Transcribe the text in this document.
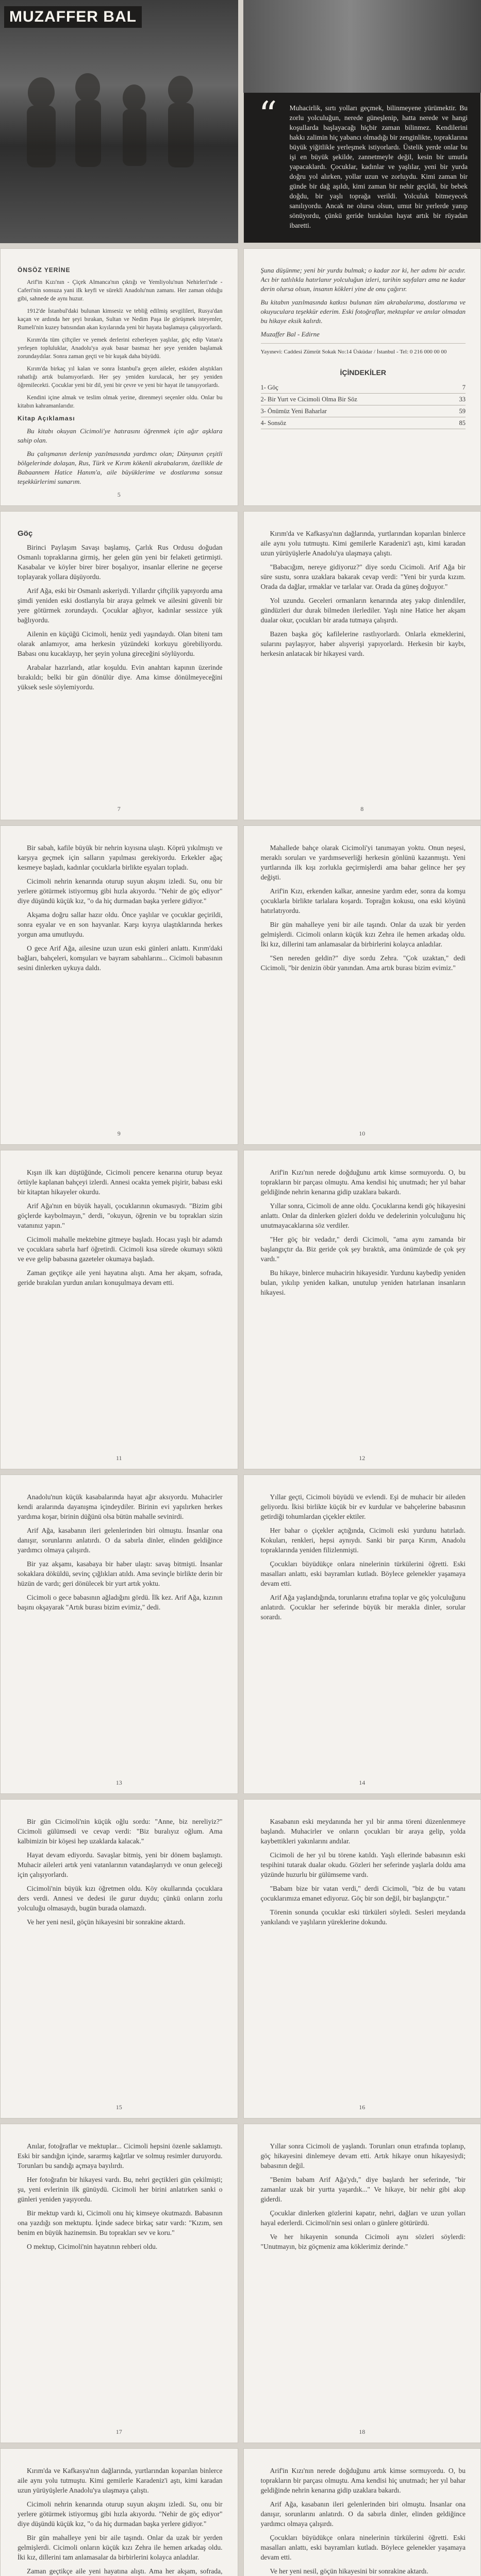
MUZAFFER BAL
“ Muhacirlik, sırtı yolları geçmek, bilinmeyene yürümektir. Bu zorlu yolculuğun, nerede güneşlenip, hatta nerede ve hangi koşullarda başlayacağı hiçbir zaman bilinmez. Kendilerini hakkı zalimin hiç yabancı olmadığı bir zenginlikte, topraklarına büyük yiğitlikle yerleşmek istiyorlardı. Üstelik yerde onlar bu işi en büyük şekilde, zannetmeyle değil, kesin bir umutla yapacaklardı. Çocuklar, kadınlar ve yaşlılar, yeni bir yurda doğru yol alırken, yollar uzun ve zorluydu. Kimi zaman bir günde bir dağ aşıldı, kimi zaman bir nehir geçildi, bir bebek doğdu, bir yaşlı toprağa verildi. Yolculuk bitmeyecek sanılıyordu. Ancak ne olursa olsun, umut bir yerlerde yanıp sönüyordu, çünkü geride bırakılan hayat artık bir rüyadan ibaretti.
ÖNSÖZ YERİNE

Arif'in Kızı'nın - Çiçek Almanca'nın çıktığı ve Yemliyolu'nun Nehirleri'nde - Caferi'nin sonsuza yani ilk keyfi ve sürekli Anadolu'nun zamanı. Her zaman olduğu gibi, sahnede de aynı huzur.

1912'de İstanbul'daki bulunan kimsesiz ve tebliğ edilmiş sevgilileri, Rusya'dan kaçan ve ardında her şeyi bırakan, Sultan ve Nedim Paşa ile görüşmek isteyenler, Rumeli'nin kuzey batısından akan kıyılarında yeni bir hayata başlamaya çalışıyorlardı.

Kırım'da tüm çiftçiler ve yemek derlerini ezberleyen yaşlılar, göç edip Vatan'a yerleşen topluluklar, Anadolu'ya ayak basar basmaz her şeye yeniden başlamak zorundaydılar. Sonra zaman geçti ve bir kuşak daha büyüdü.

Kırım'da birkaç yıl kalan ve sonra İstanbul'a geçen aileler, eskiden alıştıkları rahatlığı artık bulamıyorlardı. Her şey yeniden kurulacak, her şey yeniden öğrenilecekti. Çocuklar yeni bir dil, yeni bir çevre ve yeni bir hayat ile tanışıyorlardı.

Kendini içine almak ve teslim olmak yerine, direnmeyi seçenler oldu. Onlar bu kitabın kahramanlarıdır.

Kitap Açıklaması

Bu kitabı okuyan Cicimoli'ye hatırasını öğrenmek için ağır aşklara sahip olan.

Bu çalışmanın derlenip yazılmasında yardımcı olan; Dünyanın çeşitli bölgelerinde dolaşan, Rus, Türk ve Kırım kökenli akrabalarım, özellikle de Babaannem Hatice Hanım'a, aile büyüklerime ve dostlarıma sonsuz teşekkürlerimi sunarım.

5

Şuna düşünme; yeni bir yurdu bulmak; o kadar zor ki, her adımı bir acıdır. Acı bir tatlılıkla hatırlanır yolculuğun izleri, tarihin sayfaları ama ne kadar derin olursa olsun, insanın kökleri yine de onu çağırır.

Bu kitabın yazılmasında katkısı bulunan tüm akrabalarıma, dostlarıma ve okuyuculara teşekkür ederim. Eski fotoğraflar, mektuplar ve anılar olmadan bu hikaye eksik kalırdı.

Muzaffer Bal - Edirne

Yayınevi: Caddesi Zümrüt Sokak No:14 Üsküdar / İstanbul - Tel: 0 216 000 00 00

İÇİNDEKİLER
1- Göç	7
2- Bir Yurt ve Cicimoli Olma Bir Söz	33
3- Önümüz Yeni Baharlar	59
4- Sonsöz	85

Göç

Birinci Paylaşım Savaşı başlamış, Çarlık Rus Ordusu doğudan Osmanlı topraklarına girmiş, her gelen gün yeni bir felaketi getirmişti. Kasabalar ve köyler birer birer boşalıyor, insanlar ellerine ne geçerse toplayarak yollara düşüyordu.

Arif Ağa, eski bir Osmanlı askeriydi. Yıllardır çiftçilik yapıyordu ama şimdi yeniden eski dostlarıyla bir araya gelmek ve ailesini güvenli bir yere götürmek zorundaydı. Çocuklar ağlıyor, kadınlar sessizce yük bağlıyordu.

Ailenin en küçüğü Cicimoli, henüz yedi yaşındaydı. Olan biteni tam olarak anlamıyor, ama herkesin yüzündeki korkuyu görebiliyordu. Babası onu kucaklayıp, her şeyin yoluna gireceğini söylüyordu.

Arabalar hazırlandı, atlar koşuldu. Evin anahtarı kapının üzerinde bırakıldı; belki bir gün dönülür diye. Ama kimse dönülmeyeceğini yüksek sesle söylemiyordu.

7

Kırım'da ve Kafkasya'nın dağlarında, yurtlarından koparılan binlerce aile aynı yolu tutmuştu. Kimi gemilerle Karadeniz'i aştı, kimi karadan uzun yürüyüşlerle Anadolu'ya ulaşmaya çalıştı.

"Babacığım, nereye gidiyoruz?" diye sordu Cicimoli. Arif Ağa bir süre sustu, sonra uzaklara bakarak cevap verdi: "Yeni bir yurda kızım. Orada da dağlar, ırmaklar ve tarlalar var. Orada da güneş doğuyor."

Yol uzundu. Geceleri ormanların kenarında ateş yakıp dinlendiler, gündüzleri dur durak bilmeden ilerlediler. Yaşlı nine Hatice her akşam dualar okur, çocukları bir arada tutmaya çalışırdı.

Bazen başka göç kafilelerine rastlıyorlardı. Onlarla ekmeklerini, sularını paylaşıyor, haber alışverişi yapıyorlardı. Herkesin bir kaybı, herkesin anlatacak bir hikayesi vardı.

8

Bir sabah, kafile büyük bir nehrin kıyısına ulaştı. Köprü yıkılmıştı ve karşıya geçmek için salların yapılması gerekiyordu. Erkekler ağaç kesmeye başladı, kadınlar çocuklarla birlikte eşyaları topladı.

Cicimoli nehrin kenarında oturup suyun akışını izledi. Su, onu bir yerlere götürmek istiyormuş gibi hızla akıyordu. "Nehir de göç ediyor" diye düşündü küçük kız, "o da hiç durmadan başka yerlere gidiyor."

Akşama doğru sallar hazır oldu. Önce yaşlılar ve çocuklar geçirildi, sonra eşyalar ve en son hayvanlar. Karşı kıyıya ulaştıklarında herkes yorgun ama umutluydu.

O gece Arif Ağa, ailesine uzun uzun eski günleri anlattı. Kırım'daki bağları, bahçeleri, komşuları ve bayram sabahlarını... Cicimoli babasının sesini dinlerken uykuya daldı.

9

Mahallede bahçe olarak Cicimoli'yi tanımayan yoktu. Onun neşesi, meraklı soruları ve yardımseverliği herkesin gönlünü kazanmıştı. Yeni yurtlarında ilk kışı zorlukla geçirmişlerdi ama bahar gelince her şey değişti.

Arif'in Kızı, erkenden kalkar, annesine yardım eder, sonra da komşu çocuklarla birlikte tarlalara koşardı. Toprağın kokusu, ona eski köyünü hatırlatıyordu.

Bir gün mahalleye yeni bir aile taşındı. Onlar da uzak bir yerden gelmişlerdi. Cicimoli onların küçük kızı Zehra ile hemen arkadaş oldu. İki kız, dillerini tam anlamasalar da birbirlerini kolayca anladılar.

"Sen nereden geldin?" diye sordu Zehra. "Çok uzaktan," dedi Cicimoli, "bir denizin öbür yanından. Ama artık burası bizim evimiz."

10

Kışın ilk karı düştüğünde, Cicimoli pencere kenarına oturup beyaz örtüyle kaplanan bahçeyi izlerdi. Annesi ocakta yemek pişirir, babası eski bir kitaptan hikayeler okurdu.

Arif Ağa'nın en büyük hayali, çocuklarının okumasıydı. "Bizim gibi göçlerde kaybolmayın," derdi, "okuyun, öğrenin ve bu toprakları sizin vatanınız yapın."

Cicimoli mahalle mektebine gitmeye başladı. Hocası yaşlı bir adamdı ve çocuklara sabırla harf öğretirdi. Cicimoli kısa sürede okumayı söktü ve eve gelip babasına gazeteler okumaya başladı.

Zaman geçtikçe aile yeni hayatına alıştı. Ama her akşam, sofrada, geride bırakılan yurdun anıları konuşulmaya devam etti.

11

Arif'in Kızı'nın nerede doğduğunu artık kimse sormuyordu. O, bu toprakların bir parçası olmuştu. Ama kendisi hiç unutmadı; her yıl bahar geldiğinde nehrin kenarına gidip uzaklara bakardı.

Yıllar sonra, Cicimoli de anne oldu. Çocuklarına kendi göç hikayesini anlattı. Onlar da dinlerken gözleri doldu ve dedelerinin yolculuğunu hiç unutmayacaklarına söz verdiler.

"Her göç bir vedadır," derdi Cicimoli, "ama aynı zamanda bir başlangıçtır da. Biz geride çok şey bıraktık, ama önümüzde de çok şey vardı."

Bu hikaye, binlerce muhacirin hikayesidir. Yurdunu kaybedip yeniden bulan, yıkılıp yeniden kalkan, unutulup yeniden hatırlanan insanların hikayesi.

12

Anadolu'nun küçük kasabalarında hayat ağır aksıyordu. Muhacirler kendi aralarında dayanışma içindeydiler. Birinin evi yapılırken herkes yardıma koşar, birinin düğünü olsa bütün mahalle sevinirdi.

Arif Ağa, kasabanın ileri gelenlerinden biri olmuştu. İnsanlar ona danışır, sorunlarını anlatırdı. O da sabırla dinler, elinden geldiğince yardımcı olmaya çalışırdı.

Bir yaz akşamı, kasabaya bir haber ulaştı: savaş bitmişti. İnsanlar sokaklara döküldü, sevinç çığlıkları atıldı. Ama sevinçle birlikte derin bir hüzün de vardı; geri dönülecek bir yurt artık yoktu.

Cicimoli o gece babasının ağladığını gördü. İlk kez. Arif Ağa, kızının başını okşayarak "Artık burası bizim evimiz," dedi.

13

Yıllar geçti, Cicimoli büyüdü ve evlendi. Eşi de muhacir bir aileden geliyordu. İkisi birlikte küçük bir ev kurdular ve bahçelerine babasının getirdiği tohumlardan çiçekler ektiler.

Her bahar o çiçekler açtığında, Cicimoli eski yurdunu hatırladı. Kokuları, renkleri, hepsi aynıydı. Sanki bir parça Kırım, Anadolu topraklarında yeniden filizlenmişti.

Çocukları büyüdükçe onlara ninelerinin türkülerini öğretti. Eski masalları anlattı, eski bayramları kutladı. Böylece gelenekler yaşamaya devam etti.

Arif Ağa yaşlandığında, torunlarını etrafına toplar ve göç yolculuğunu anlatırdı. Çocuklar her seferinde büyük bir merakla dinler, sorular sorardı.

14

Bir gün Cicimoli'nin küçük oğlu sordu: "Anne, biz nereliyiz?" Cicimoli gülümsedi ve cevap verdi: "Biz buralıyız oğlum. Ama kalbimizin bir köşesi hep uzaklarda kalacak."

Hayat devam ediyordu. Savaşlar bitmiş, yeni bir dönem başlamıştı. Muhacir aileleri artık yeni vatanlarının vatandaşlarıydı ve onun geleceği için çalışıyorlardı.

Cicimoli'nin büyük kızı öğretmen oldu. Köy okullarında çocuklara ders verdi. Annesi ve dedesi ile gurur duydu; çünkü onların zorlu yolculuğu olmasaydı, bugün burada olamazdı.

Ve her yeni nesil, göçün hikayesini bir sonrakine aktardı.

15

Kasabanın eski meydanında her yıl bir anma töreni düzenlenmeye başlandı. Muhacirler ve onların çocukları bir araya gelip, yolda kaybettikleri yakınlarını andılar.

Cicimoli de her yıl bu törene katıldı. Yaşlı ellerinde babasının eski tespihini tutarak dualar okudu. Gözleri her seferinde yaşlarla doldu ama yüzünde huzurlu bir gülümseme vardı.

"Babam bize bir vatan verdi," derdi Cicimoli, "biz de bu vatanı çocuklarımıza emanet ediyoruz. Göç bir son değil, bir başlangıçtır."

Törenin sonunda çocuklar eski türküleri söyledi. Sesleri meydanda yankılandı ve yaşlıların yüreklerine dokundu.

16

Anılar, fotoğraflar ve mektuplar... Cicimoli hepsini özenle saklamıştı. Eski bir sandığın içinde, sararmış kağıtlar ve solmuş resimler duruyordu. Torunları bu sandığı açmaya bayılırdı.

Her fotoğrafın bir hikayesi vardı. Bu, nehri geçtikleri gün çekilmişti; şu, yeni evlerinin ilk günüydü. Cicimoli her birini anlatırken sanki o günleri yeniden yaşıyordu.

Bir mektup vardı ki, Cicimoli onu hiç kimseye okutmazdı. Babasının ona yazdığı son mektuptu. İçinde sadece birkaç satır vardı: "Kızım, sen benim en büyük hazinemsin. Bu toprakları sev ve koru."

O mektup, Cicimoli'nin hayatının rehberi oldu.

17

Yıllar sonra Cicimoli de yaşlandı. Torunları onun etrafında toplanıp, göç hikayesini dinlemeye devam etti. Artık hikaye onun hikayesiydi; babasının değil.

"Benim babam Arif Ağa'ydı," diye başlardı her seferinde, "bir zamanlar uzak bir yurtta yaşardık..." Ve hikaye, bir nehir gibi akıp giderdi.

Çocuklar dinlerken gözlerini kapatır, nehri, dağları ve uzun yolları hayal ederlerdi. Cicimoli'nin sesi onları o günlere götürürdü.

Ve her hikayenin sonunda Cicimoli aynı sözleri söylerdi: "Unutmayın, biz göçmeniz ama köklerimiz derinde."

18

Kırım'da ve Kafkasya'nın dağlarında, yurtlarından koparılan binlerce aile aynı yolu tutmuştu. Kimi gemilerle Karadeniz'i aştı, kimi karadan uzun yürüyüşlerle Anadolu'ya ulaşmaya çalıştı.

Cicimoli nehrin kenarında oturup suyun akışını izledi. Su, onu bir yerlere götürmek istiyormuş gibi hızla akıyordu. "Nehir de göç ediyor" diye düşündü küçük kız, "o da hiç durmadan başka yerlere gidiyor."

Bir gün mahalleye yeni bir aile taşındı. Onlar da uzak bir yerden gelmişlerdi. Cicimoli onların küçük kızı Zehra ile hemen arkadaş oldu. İki kız, dillerini tam anlamasalar da birbirlerini kolayca anladılar.

Zaman geçtikçe aile yeni hayatına alıştı. Ama her akşam, sofrada,

Arif'in Kızı'nın nerede doğduğunu artık kimse sormuyordu. O, bu toprakların bir parçası olmuştu. Ama kendisi hiç unutmadı; her yıl bahar geldiğinde nehrin kenarına gidip uzaklara bakardı.

Arif Ağa, kasabanın ileri gelenlerinden biri olmuştu. İnsanlar ona danışır, sorunlarını anlatırdı. O da sabırla dinler, elinden geldiğince yardımcı olmaya çalışırdı.

Çocukları büyüdükçe onlara ninelerinin türkülerini öğretti. Eski masalları anlattı, eski bayramları kutladı. Böylece gelenekler yaşamaya devam etti.

Ve her yeni nesil, göçün hikayesini bir sonrakine aktardı.
